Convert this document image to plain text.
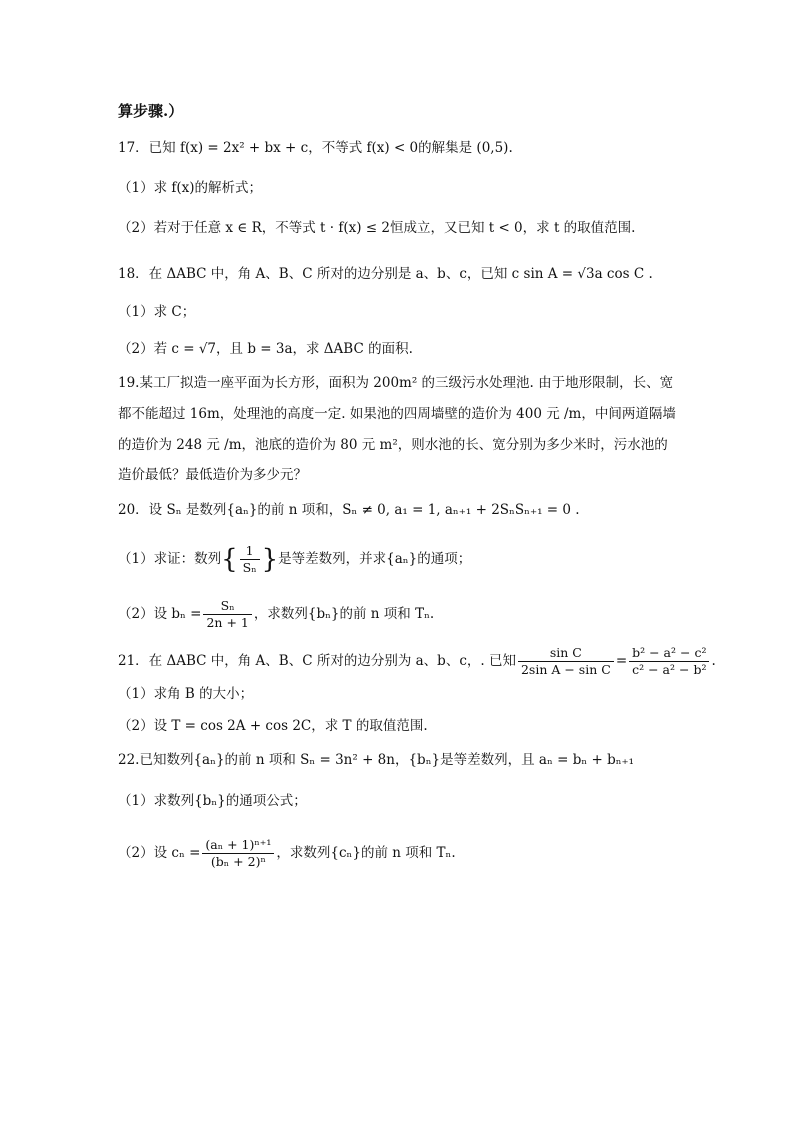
算步骤.）
17．已知 f(x) = 2x² + bx + c，不等式 f(x) < 0的解集是 (0,5).
（1）求 f(x)的解析式；
（2）若对于任意 x ∈ R，不等式 t · f(x) ≤ 2恒成立，又已知 t < 0，求 t 的取值范围.
18．在 ΔABC 中，角 A、B、C 所对的边分别是 a、b、c，已知 c sin A = √3a cos C .
（1）求 C；
（2）若 c = √7，且 b = 3a，求 ΔABC 的面积.
19.某工厂拟造一座平面为长方形，面积为 200m² 的三级污水处理池. 由于地形限制，长、宽
都不能超过 16m，处理池的高度一定. 如果池的四周墙壁的造价为 400 元 /m，中间两道隔墙
的造价为 248 元 /m，池底的造价为 80 元 m²，则水池的长、宽分别为多少米时，污水池的
造价最低？最低造价为多少元？
20．设 Sₙ 是数列{aₙ}的前 n 项和，Sₙ ≠ 0, a₁ = 1, aₙ₊₁ + 2SₙSₙ₊₁ = 0 .
（1）求证：数列{ $\frac{1}{\text{Sₙ}}$ }是等差数列，并求{aₙ}的通项；
（2）设 $b_n = \frac{\text{Sₙ}}{2n + 1}$ ，求数列{bₙ}的前 n 项和 Tₙ.
21．在 ΔABC 中，角 A、B、C 所对的边分别为 a、b、c，. 已知 $\frac{\text{sin C}}{\text{2sin A − sin C}} = \frac{\text{b² − a² − c²}}{\text{c² − a² − b²}}$ .
（1）求角 B 的大小；
（2）设 T = cos 2A + cos 2C，求 T 的取值范围.
22.已知数列{aₙ}的前 n 项和 Sₙ = 3n² + 8n，{bₙ}是等差数列，且 aₙ = bₙ + bₙ₊₁
（1）求数列{bₙ}的通项公式；
（2）设 $c_n = \frac{\text{(aₙ + 1)ⁿ⁺¹}}{\text{(bₙ + 2)ⁿ}}$ ，求数列{cₙ}的前 n 项和 Tₙ.
